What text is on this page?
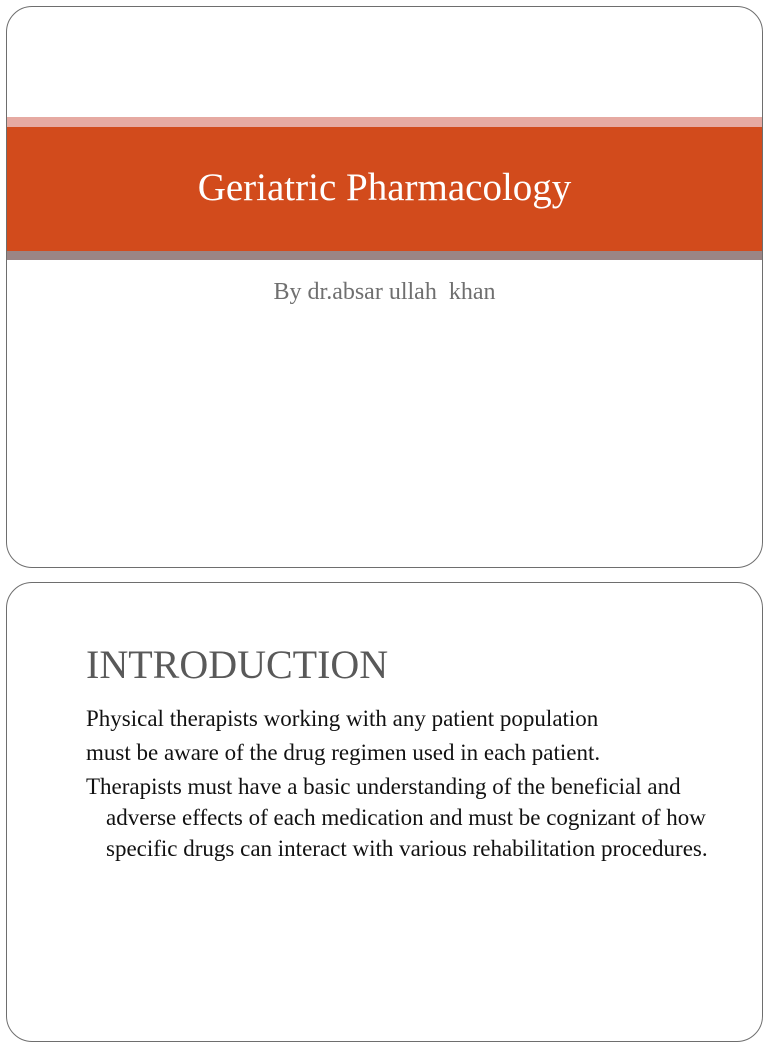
Geriatric Pharmacology
By dr.absar ullah  khan
INTRODUCTION

Physical therapists working with any patient population

must be aware of the drug regimen used in each patient.

Therapists must have a basic understanding of the beneficial and adverse effects of each medication and must be cognizant of how specific drugs can interact with various rehabilitation procedures.
